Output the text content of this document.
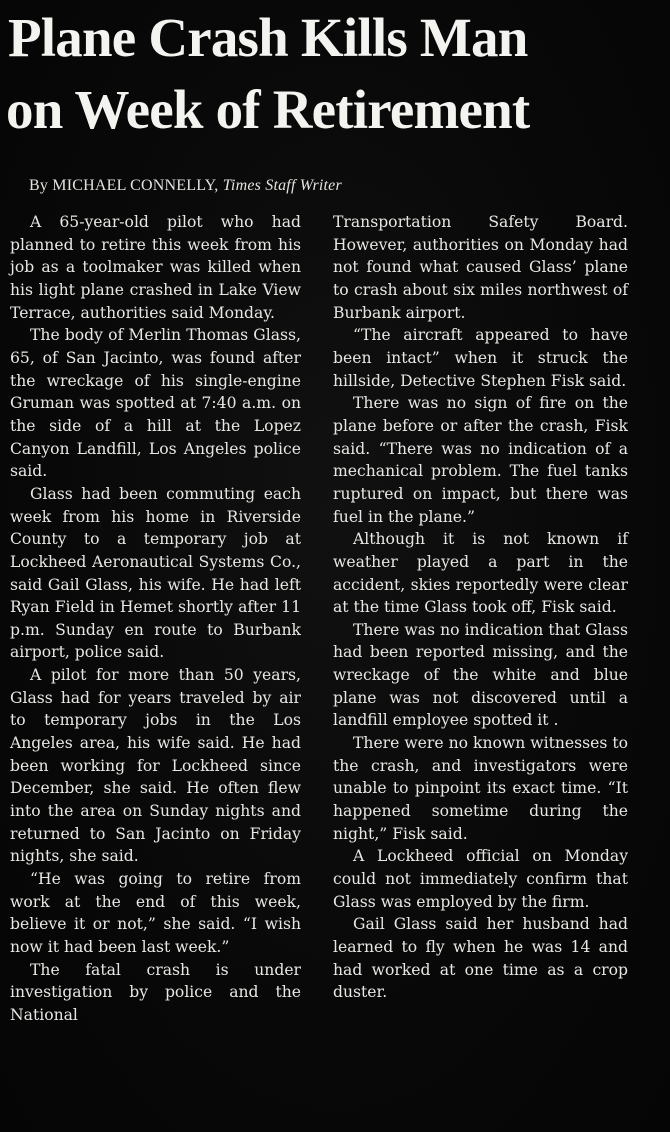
Plane Crash Kills Man
on Week of Retirement
By MICHAEL CONNELLY, Times Staff Writer

A 65-year-old pilot who had planned to retire this week from his job as a toolmaker was killed when his light plane crashed in Lake View Terrace, authorities said Monday.

The body of Merlin Thomas Glass, 65, of San Jacinto, was found after the wreckage of his single-engine Gruman was spotted at 7:40 a.m. on the side of a hill at the Lopez Canyon Landfill, Los Angeles police said.

Glass had been commuting each week from his home in Riverside County to a temporary job at Lockheed Aeronautical Systems Co., said Gail Glass, his wife. He had left Ryan Field in Hemet shortly after 11 p.m. Sunday en route to Burbank airport, police said.

A pilot for more than 50 years, Glass had for years traveled by air to temporary jobs in the Los Angeles area, his wife said. He had been working for Lockheed since December, she said. He often flew into the area on Sunday nights and returned to San Jacinto on Friday nights, she said.

“He was going to retire from work at the end of this week, believe it or not,” she said. “I wish now it had been last week.”

The fatal crash is under investigation by police and the National

Transportation Safety Board. However, authorities on Monday had not found what caused Glass’ plane to crash about six miles northwest of Burbank airport.

“The aircraft appeared to have been intact” when it struck the hillside, Detective Stephen Fisk said.

There was no sign of fire on the plane before or after the crash, Fisk said. “There was no indication of a mechanical problem. The fuel tanks ruptured on impact, but there was fuel in the plane.”

Although it is not known if weather played a part in the accident, skies reportedly were clear at the time Glass took off, Fisk said.

There was no indication that Glass had been reported missing, and the wreckage of the white and blue plane was not discovered until a landfill employee spotted it .

There were no known witnesses to the crash, and investigators were unable to pinpoint its exact time. “It happened sometime during the night,” Fisk said.

A Lockheed official on Monday could not immediately confirm that Glass was employed by the firm.

Gail Glass said her husband had learned to fly when he was 14 and had worked at one time as a crop duster.
